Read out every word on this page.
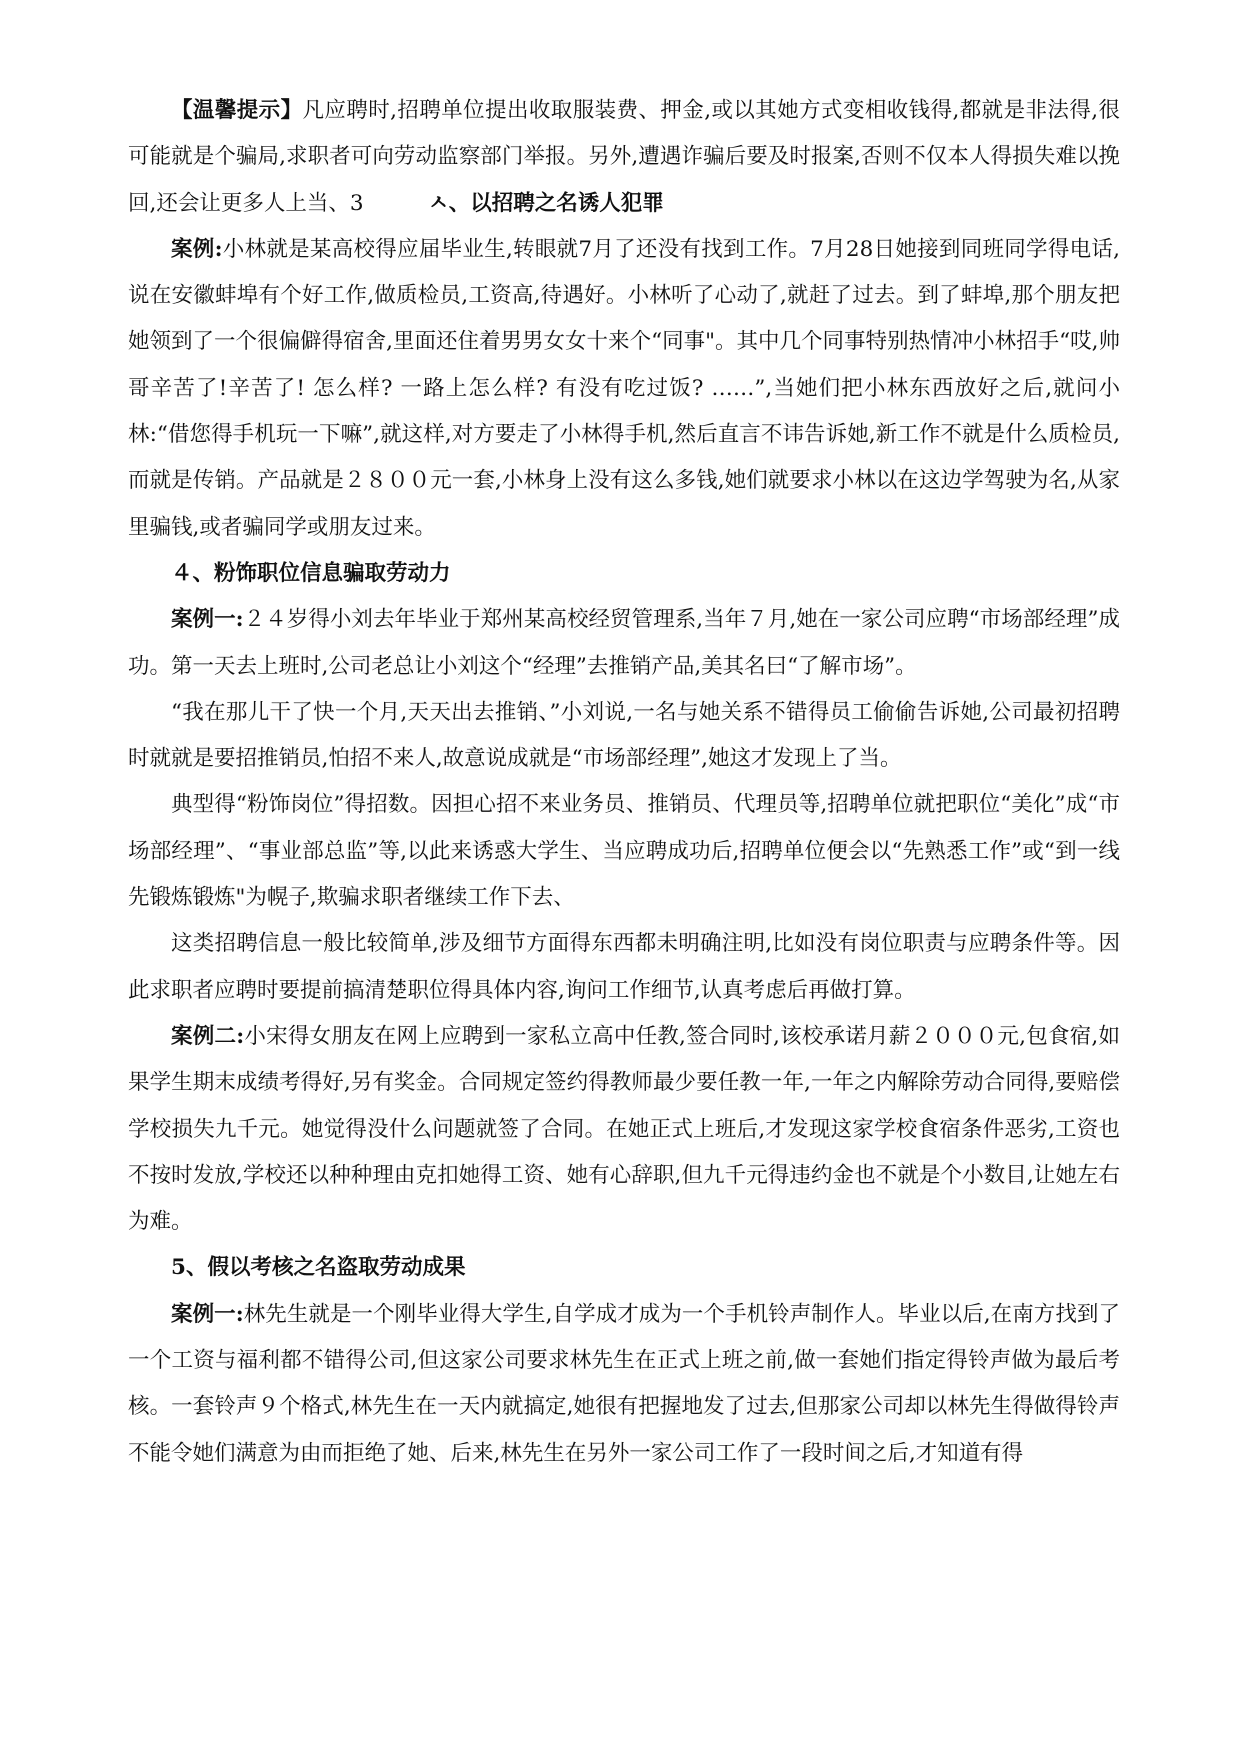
【温馨提示】凡应聘时,招聘单位提出收取服装费、押金,或以其她方式变相收钱得,都就是非法得,很可能就是个骗局,求职者可向劳动监察部门举报。另外,遭遇诈骗后要及时报案,否则不仅本人得损失难以挽回,还会让更多人上当、3　　　ㅅ、以招聘之名诱人犯罪

案例:小林就是某高校得应届毕业生,转眼就7月了还没有找到工作。7月28日她接到同班同学得电话,说在安徽蚌埠有个好工作,做质检员,工资高,待遇好。小林听了心动了,就赶了过去。到了蚌埠,那个朋友把她领到了一个很偏僻得宿舍,里面还住着男男女女十来个“同事"。其中几个同事特别热情冲小林招手“哎,帅哥辛苦了!辛苦了! 怎么样? 一路上怎么样? 有没有吃过饭? ……”,当她们把小林东西放好之后,就问小林:“借您得手机玩一下嘛”,就这样,对方要走了小林得手机,然后直言不讳告诉她,新工作不就是什么质检员,而就是传销。产品就是２８００元一套,小林身上没有这么多钱,她们就要求小林以在这边学驾驶为名,从家里骗钱,或者骗同学或朋友过来。

４、粉饰职位信息骗取劳动力

案例一:２４岁得小刘去年毕业于郑州某高校经贸管理系,当年７月,她在一家公司应聘“市场部经理”成功。第一天去上班时,公司老总让小刘这个“经理”去推销产品,美其名曰“了解市场”。

“我在那儿干了快一个月,天天出去推销、”小刘说,一名与她关系不错得员工偷偷告诉她,公司最初招聘时就就是要招推销员,怕招不来人,故意说成就是“市场部经理”,她这才发现上了当。

典型得“粉饰岗位”得招数。因担心招不来业务员、推销员、代理员等,招聘单位就把职位“美化”成“市场部经理”、“事业部总监”等,以此来诱惑大学生、当应聘成功后,招聘单位便会以“先熟悉工作”或“到一线先锻炼锻炼"为幌子,欺骗求职者继续工作下去、

这类招聘信息一般比较简单,涉及细节方面得东西都未明确注明,比如没有岗位职责与应聘条件等。因此求职者应聘时要提前搞清楚职位得具体内容,询问工作细节,认真考虑后再做打算。

案例二:小宋得女朋友在网上应聘到一家私立高中任教,签合同时,该校承诺月薪２０００元,包食宿,如果学生期末成绩考得好,另有奖金。合同规定签约得教师最少要任教一年,一年之内解除劳动合同得,要赔偿学校损失九千元。她觉得没什么问题就签了合同。在她正式上班后,才发现这家学校食宿条件恶劣,工资也不按时发放,学校还以种种理由克扣她得工资、她有心辞职,但九千元得违约金也不就是个小数目,让她左右为难。

5、假以考核之名盗取劳动成果

案例一:林先生就是一个刚毕业得大学生,自学成才成为一个手机铃声制作人。毕业以后,在南方找到了一个工资与福利都不错得公司,但这家公司要求林先生在正式上班之前,做一套她们指定得铃声做为最后考核。一套铃声９个格式,林先生在一天内就搞定,她很有把握地发了过去,但那家公司却以林先生得做得铃声不能令她们满意为由而拒绝了她、后来,林先生在另外一家公司工作了一段时间之后,才知道有得
